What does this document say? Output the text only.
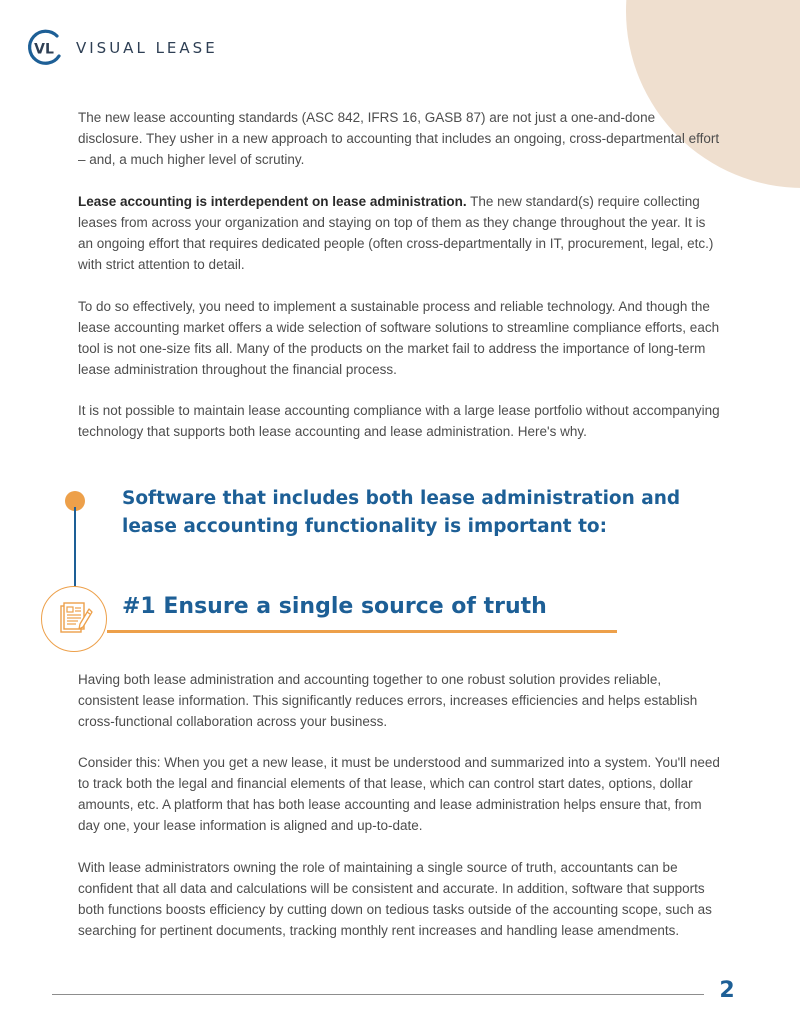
VL VISUAL LEASE

The new lease accounting standards (ASC 842, IFRS 16, GASB 87) are not just a one-and-done disclosure. They usher in a new approach to accounting that includes an ongoing, cross-departmental effort – and, a much higher level of scrutiny.

Lease accounting is interdependent on lease administration. The new standard(s) require collecting leases from across your organization and staying on top of them as they change throughout the year. It is an ongoing effort that requires dedicated people (often cross-departmentally in IT, procurement, legal, etc.) with strict attention to detail.

To do so effectively, you need to implement a sustainable process and reliable technology. And though the lease accounting market offers a wide selection of software solutions to streamline compliance efforts, each tool is not one-size fits all. Many of the products on the market fail to address the importance of long-term lease administration throughout the financial process.

It is not possible to maintain lease accounting compliance with a large lease portfolio without accompanying technology that supports both lease accounting and lease administration. Here's why.

Software that includes both lease administration and lease accounting functionality is important to:
#1 Ensure a single source of truth

Having both lease administration and accounting together to one robust solution provides reliable, consistent lease information. This significantly reduces errors, increases efficiencies and helps establish cross-functional collaboration across your business.

Consider this: When you get a new lease, it must be understood and summarized into a system. You'll need to track both the legal and financial elements of that lease, which can control start dates, options, dollar amounts, etc. A platform that has both lease accounting and lease administration helps ensure that, from day one, your lease information is aligned and up-to-date.

With lease administrators owning the role of maintaining a single source of truth, accountants can be confident that all data and calculations will be consistent and accurate. In addition, software that supports both functions boosts efficiency by cutting down on tedious tasks outside of the accounting scope, such as searching for pertinent documents, tracking monthly rent increases and handling lease amendments.

2
